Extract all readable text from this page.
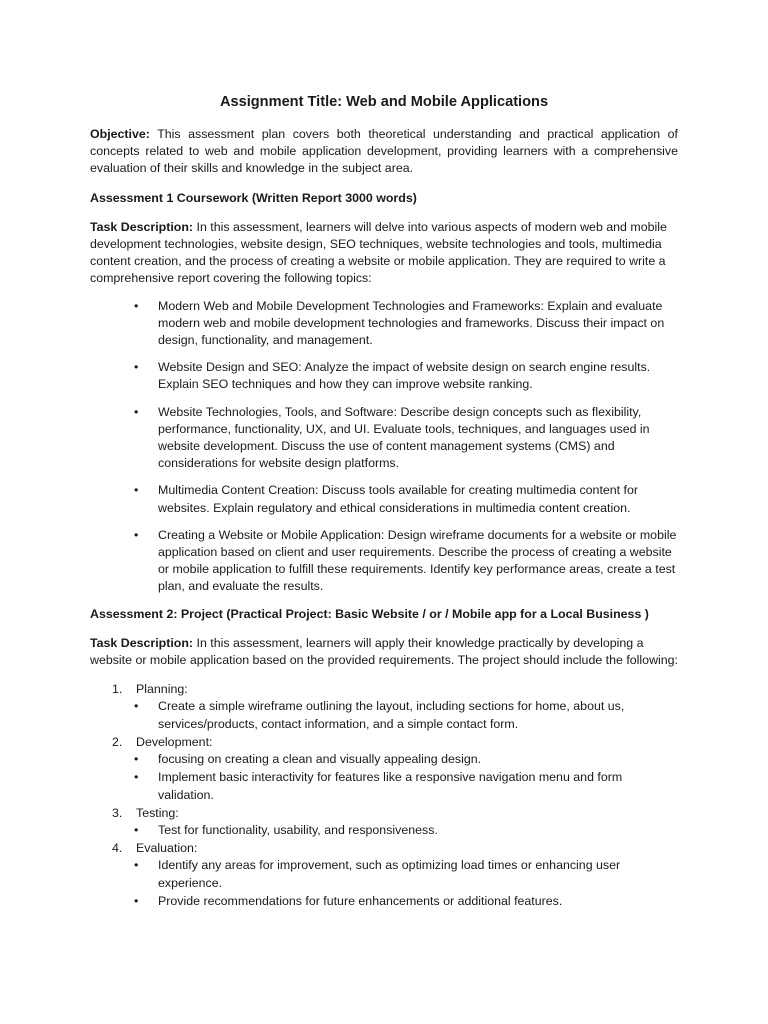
Assignment Title: Web and Mobile Applications

Objective: This assessment plan covers both theoretical understanding and practical application of concepts related to web and mobile application development, providing learners with a comprehensive evaluation of their skills and knowledge in the subject area.

Assessment 1 Coursework (Written Report 3000 words)

Task Description: In this assessment, learners will delve into various aspects of modern web and mobile development technologies, website design, SEO techniques, website technologies and tools, multimedia content creation, and the process of creating a website or mobile application. They are required to write a comprehensive report covering the following topics:

• Modern Web and Mobile Development Technologies and Frameworks: Explain and evaluate modern web and mobile development technologies and frameworks. Discuss their impact on design, functionality, and management.
• Website Design and SEO: Analyze the impact of website design on search engine results. Explain SEO techniques and how they can improve website ranking.
• Website Technologies, Tools, and Software: Describe design concepts such as flexibility, performance, functionality, UX, and UI. Evaluate tools, techniques, and languages used in website development. Discuss the use of content management systems (CMS) and considerations for website design platforms.
• Multimedia Content Creation: Discuss tools available for creating multimedia content for websites. Explain regulatory and ethical considerations in multimedia content creation.
• Creating a Website or Mobile Application: Design wireframe documents for a website or mobile application based on client and user requirements. Describe the process of creating a website or mobile application to fulfill these requirements. Identify key performance areas, create a test plan, and evaluate the results.

Assessment 2: Project (Practical Project: Basic Website / or / Mobile app for a Local Business )

Task Description: In this assessment, learners will apply their knowledge practically by developing a website or mobile application based on the provided requirements. The project should include the following:

1. Planning:
• Create a simple wireframe outlining the layout, including sections for home, about us, services/products, contact information, and a simple contact form.
2. Development:
• focusing on creating a clean and visually appealing design.
• Implement basic interactivity for features like a responsive navigation menu and form validation.
3. Testing:
• Test for functionality, usability, and responsiveness.
4. Evaluation:
• Identify any areas for improvement, such as optimizing load times or enhancing user experience.
• Provide recommendations for future enhancements or additional features.
